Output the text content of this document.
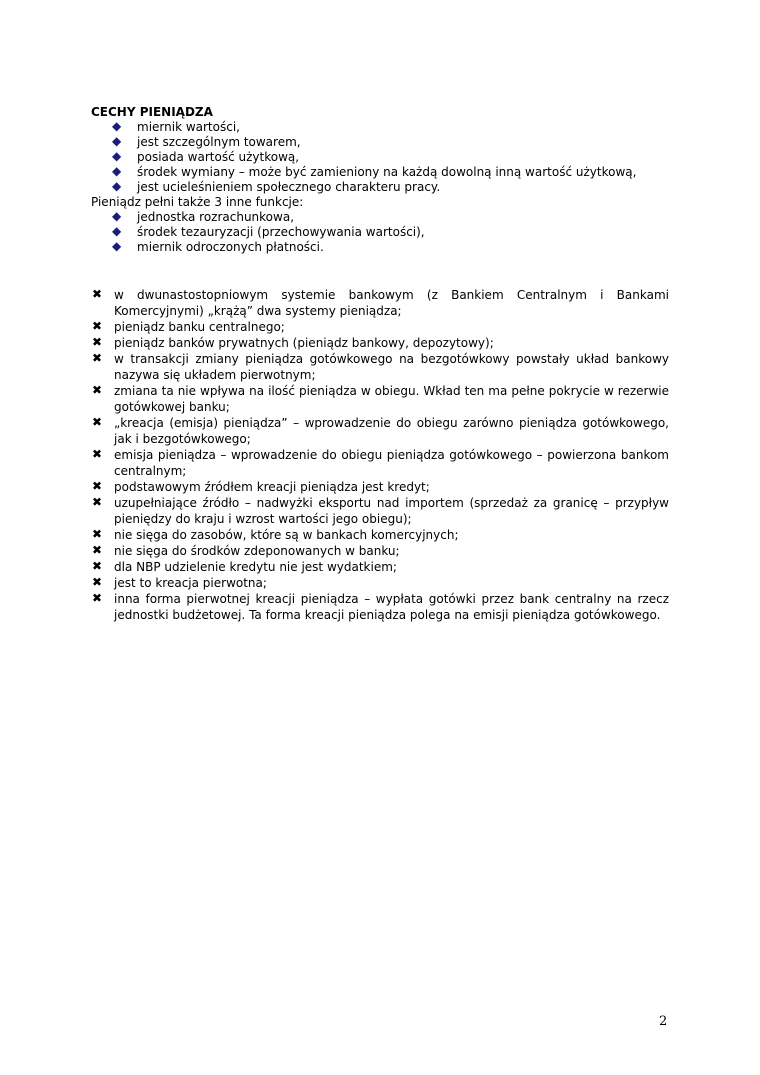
CECHY PIENIĄDZA

◆ miernik wartości,
◆ jest szczególnym towarem,
◆ posiada wartość użytkową,
◆ środek wymiany – może być zamieniony na każdą dowolną inną wartość użytkową,
◆ jest ucieleśnieniem społecznego charakteru pracy.

Pieniądz pełni także 3 inne funkcje:

◆ jednostka rozrachunkowa,
◆ środek tezauryzacji (przechowywania wartości),
◆ miernik odroczonych płatności.
✖ w dwunastostopniowym systemie bankowym (z Bankiem Centralnym i Bankami Komercyjnymi) „krążą” dwa systemy pieniądza;
✖ pieniądz banku centralnego;
✖ pieniądz banków prywatnych (pieniądz bankowy, depozytowy);
✖ w transakcji zmiany pieniądza gotówkowego na bezgotówkowy powstały układ bankowy nazywa się układem pierwotnym;
✖ zmiana ta nie wpływa na ilość pieniądza w obiegu. Wkład ten ma pełne pokrycie w rezerwie gotówkowej banku;
✖ „kreacja (emisja) pieniądza” – wprowadzenie do obiegu zarówno pieniądza gotówkowego, jak i bezgotówkowego;
✖ emisja pieniądza – wprowadzenie do obiegu pieniądza gotówkowego – powierzona bankom centralnym;
✖ podstawowym źródłem kreacji pieniądza jest kredyt;
✖ uzupełniające źródło – nadwyżki eksportu nad importem (sprzedaż za granicę – przypływ pieniędzy do kraju i wzrost wartości jego obiegu);
✖ nie sięga do zasobów, które są w bankach komercyjnych;
✖ nie sięga do środków zdeponowanych w banku;
✖ dla NBP udzielenie kredytu nie jest wydatkiem;
✖ jest to kreacja pierwotna;
✖ inna forma pierwotnej kreacji pieniądza – wypłata gotówki przez bank centralny na rzecz jednostki budżetowej. Ta forma kreacji pieniądza polega na emisji pieniądza gotówkowego.

2
